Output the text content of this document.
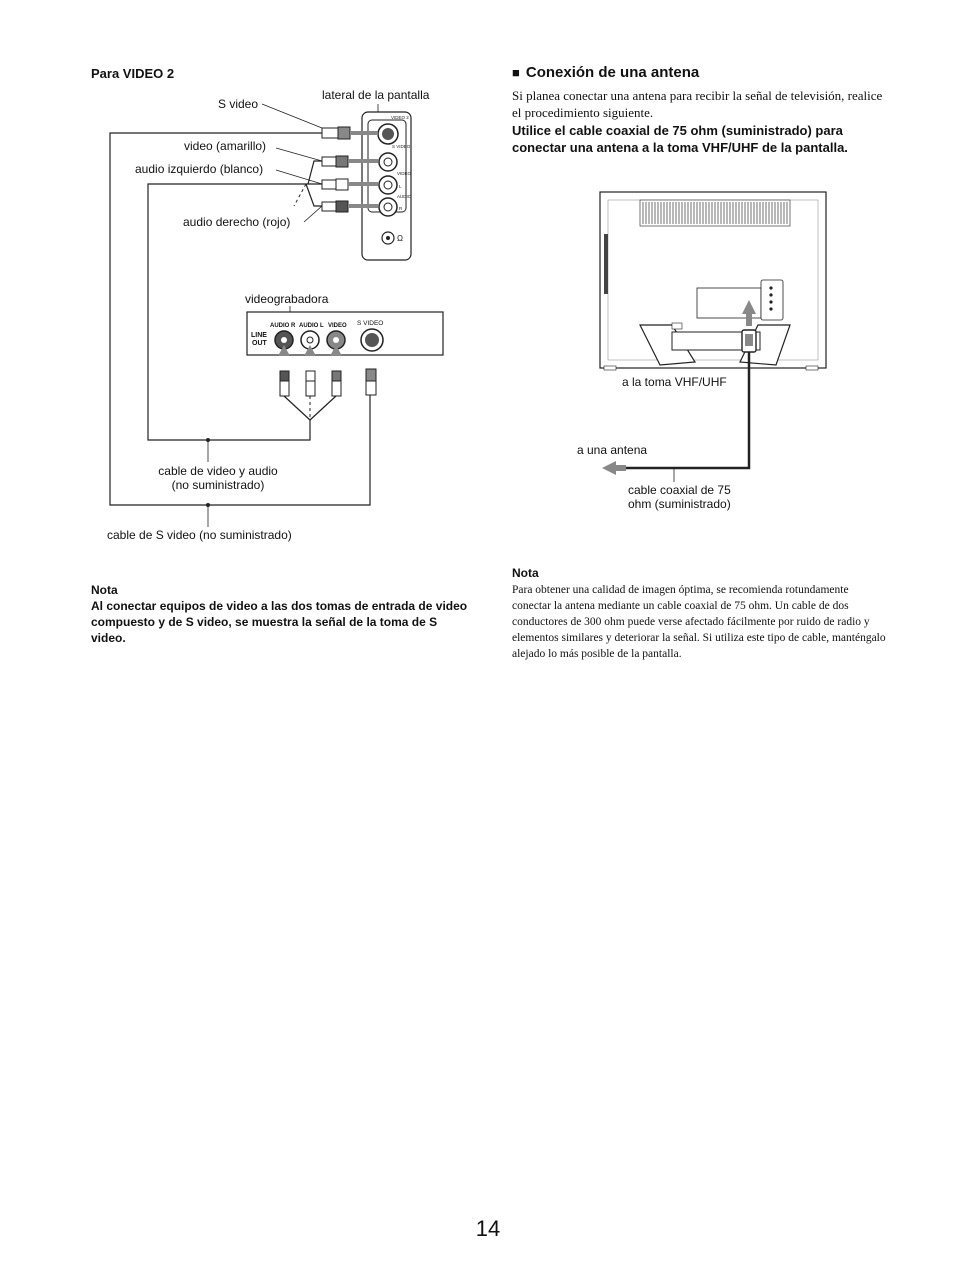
Para VIDEO 2
Ω
VIDEO 2
S VIDEO
VIDEO
L
AUDIO
R
LINE
OUT
AUDIO R AUDIO L VIDEO S VIDEO
S video
lateral de la pantalla
video (amarillo)
audio izquierdo (blanco)
audio derecho (rojo)
videograbadora
cable de video y audio
(no suministrado)
cable de S video (no suministrado)
Nota
Al conectar equipos de video a las dos tomas de entrada de video compuesto y de S video, se muestra la señal de la toma de S video.
■ Conexión de una antena
Si planea conectar una antena para recibir la señal de televisión, realice el procedimiento siguiente.
Utilice el cable coaxial de 75 ohm (suministrado) para conectar una antena a la toma VHF/UHF de la pantalla.
a la toma VHF/UHF
a una antena
cable coaxial de 75
ohm (suministrado)
Nota
Para obtener una calidad de imagen óptima, se recomienda rotundamente conectar la antena mediante un cable coaxial de 75 ohm. Un cable de dos conductores de 300 ohm puede verse afectado fácilmente por ruido de radio y elementos similares y deteriorar la señal. Si utiliza este tipo de cable, manténgalo alejado lo más posible de la pantalla.
14
